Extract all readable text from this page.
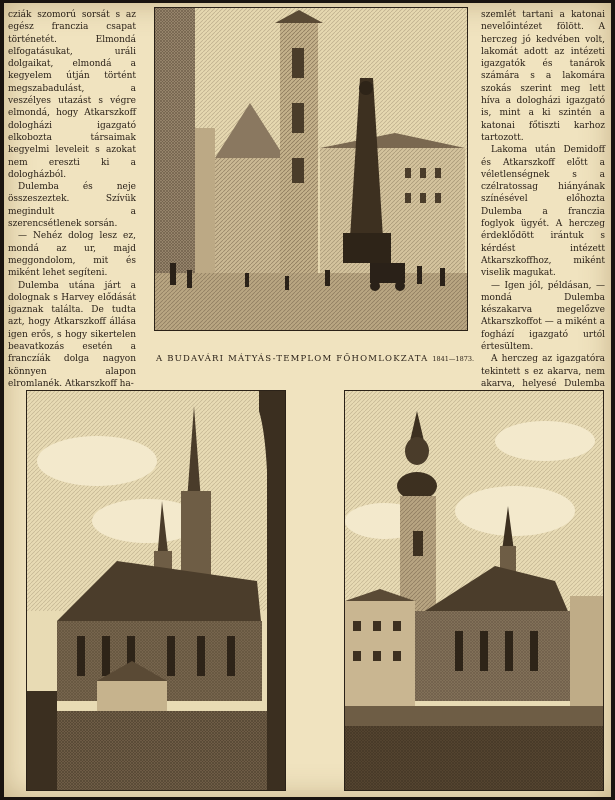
cziák szomorú sorsát s az egész franczia csapat történetét. Elmondá elfogatásukat, uráli dolgaikat, elmondá a kegyelem útján történt megszabadulást, a veszélyes utazást s végre elmondá, hogy Atkarszkoff dologházi igazgató elkobozta társaimak kegyelmi leveleit s azokat nem ereszti ki a dologházból.

Dulemba és neje összeszeztek. Szívük megindult a szerencsétlenek sorsán.

— Nehéz dolog lesz ez, mondá az ur, majd meggondolom, mit és miként lehet segíteni.

Dulemba utána járt a dolognak s Harvey elődását igaznak találta. De tudta azt, hogy Atkarszkoff állása igen erős, s hogy sikertelen beavatkozás esetén a franczíák dolga nagyon könnyen alapon elromlanék. Atkarszkoff ha-

szemlét tartani a katonai nevelőintézet fölött. A herczeg jó kedvében volt, lakomát adott az intézeti igazgatók és tanárok számára s a lakomára szokás szerint meg lett híva a dologházi igazgató is, mint a ki szintén a katonai főtiszti karhoz tartozott.

Lakoma után Demidoff és Atkarszkoff előtt a véletlenségnek s a czélratossag hiányának színésével előhozta Dulemba a franczia foglyok ügyét. A herczeg érdeklődött irántuk s kérdést intézett Atkarszkoffhoz, miként viselik magukat.

— Igen jól, példásan, — mondá Dulemba készakarva megelőzve Atkarszkoffot — a miként a foghází igazgató urtól értesültem.

A herczeg az igazgatóra tekintett s ez akarva, nem akarva, helyesé Dulemba

A BUDAVÁRI MÁTYÁS-TEMPLOM FŐHOMLOKZATA 1841—1873.
